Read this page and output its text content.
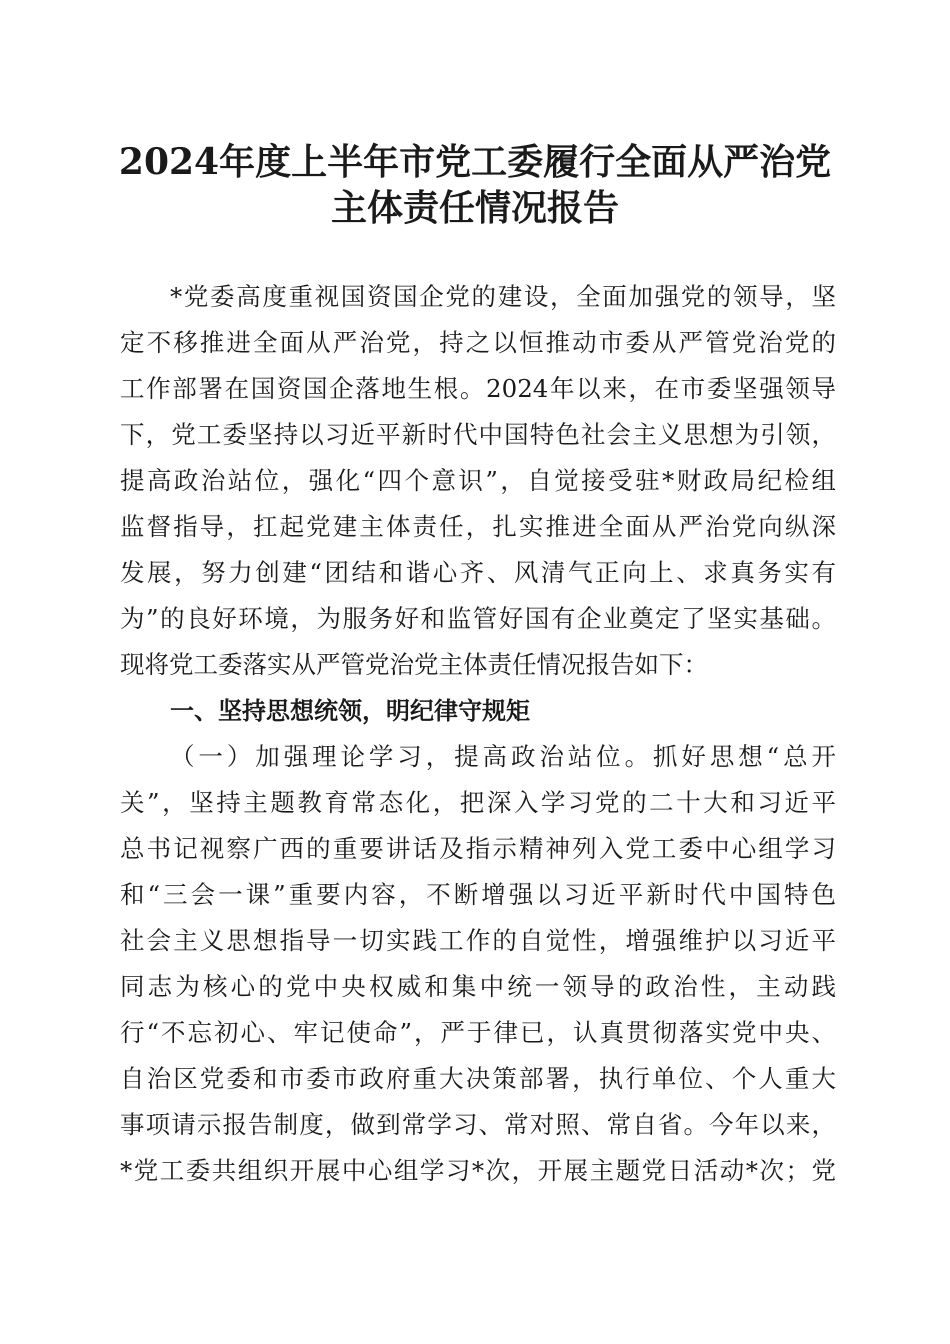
2024年度上半年市党工委履行全面从严治党
主体责任情况报告
*党委高度重视国资国企党的建设，全面加强党的领导，坚
定不移推进全面从严治党，持之以恒推动市委从严管党治党的
工作部署在国资国企落地生根。2024年以来，在市委坚强领导
下，党工委坚持以习近平新时代中国特色社会主义思想为引领，
提高政治站位，强化“四个意识”，自觉接受驻*财政局纪检组
监督指导，扛起党建主体责任，扎实推进全面从严治党向纵深
发展，努力创建“团结和谐心齐、风清气正向上、求真务实有
为”的良好环境，为服务好和监管好国有企业奠定了坚实基础。
现将党工委落实从严管党治党主体责任情况报告如下：
一、坚持思想统领，明纪律守规矩
（一）加强理论学习，提高政治站位。抓好思想“总开
关”，坚持主题教育常态化，把深入学习党的二十大和习近平
总书记视察广西的重要讲话及指示精神列入党工委中心组学习
和“三会一课”重要内容，不断增强以习近平新时代中国特色
社会主义思想指导一切实践工作的自觉性，增强维护以习近平
同志为核心的党中央权威和集中统一领导的政治性，主动践
行“不忘初心、牢记使命”，严于律已，认真贯彻落实党中央、
自治区党委和市委市政府重大决策部署，执行单位、个人重大
事项请示报告制度，做到常学习、常对照、常自省。今年以来，
*党工委共组织开展中心组学习*次，开展主题党日活动*次；党
